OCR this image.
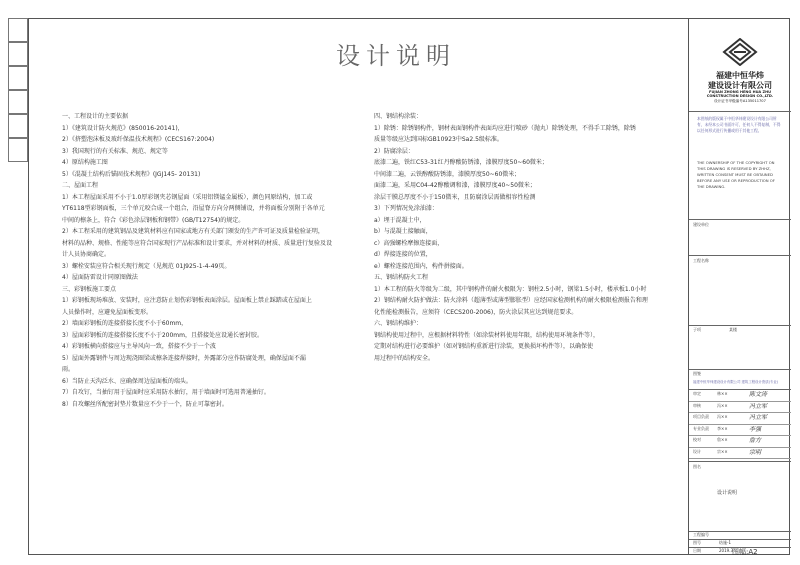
设计说明
一、工程设计的主要依据
1）《建筑设计防火规范》(850016-20141)，
2）《挤塑泡沫板及玻纤保温技术规程》(CECS167:2004)
3）我国现行的有关标准、规范、规定等
4）原结构施工图
5）《混凝土结构后锚固技术规程》(JGJ145- 20131)
二、屋面工程
1）本工程屋面采用不小于1.0厚彩钢夹芯钢屋面（采用铝镁锰金属板），颜色同原结构，加工或
YT6118型彩钢面板，三个单元咬合成一个组合，沿屋脊方向分两侧铺设，并将面板分别附于各单元
中间的檩条上，符合《彩色涂层钢板和钢带》(GB/T12754)的规定。
2）本工程采用的建筑钢品及建筑材料应有国家或地方有关部门颁发的生产许可证及质量检验证明，
材料的品种、规格、性能等应符合国家现行产品标准和设计要求，并对材料的材质、质量进行复验及设
计人员协商确定。
3）螺栓安装应符合相关现行规定（见规范 01J925-1-4-49页。
4）屋面防雷设计同原图做法
三、彩钢板施工要点
1）彩钢板现场堆放、安装时，应注意防止划伤彩钢板表面涂层。屋面板上禁止踩踏或在屋面上
人员操作时，应避免屋面板变形。
2）墙面彩钢板的连接搭接长度不小于60mm，
3）屋面彩钢板的连接搭接长度不小于200mm，且搭接处应设通长密封胶。
4）彩钢板横向搭接应与主导风向一致，搭接不少于一个波
5）屋面外露钢件与周边现浇圈梁或檩条连接焊接时，外露部分应作防腐处理，确保屋面不漏
雨。
6）当防止天沟泛水、应确保周边屋面板的端头。
7）自攻钉，当抽钉用于屋面时应采用防水抽钉，用于墙面时可选用普通抽钉。
8）自攻螺丝所配密封垫片数量应不少于一个，防止可靠密封。
四、钢结构涂装：
1）除锈：除锈钢构件，钢材表面钢构件表面均应进行喷砂（抛丸）除锈处理，不得手工除锈，除锈
质量等级应达到国标GB10923中Sa2.5级标准。
2）防腐涂层：
底漆二遍，铁红C53-31红丹醇酸防锈漆，漆膜厚度50~60微米；
中间漆二遍，云铁醇酸防锈漆，漆膜厚度50~60微米；
面漆二遍，采用C04-42醇酸调和漆，漆膜厚度40~50微米；
涂层干膜总厚度不小于150微米，且防腐涂层需做相容性检测
3）下列情况免涂油漆：
a）埋于混凝土中，
b）与混凝土接触面，
c）高强螺栓摩擦连接面，
d）焊接连接的位置，
e）螺栓连接范围内，构件拼接面。
五、钢结构防火工程
1）本工程的防火等级为二级，其中钢构件的耐火极限为：钢柱2.5小时，钢梁1.5小时，楼承板1.0小时
2）钢结构耐火防护做法：防火涂料（超薄型或薄型膨胀型）应经国家检测机构的耐火极限检测报告和理
化性能检测报告，应须符（CECS200-2006)，防火涂层其应达到规范要求。
六、钢结构维护：
钢结构使用过程中，应根据材料特性（如涂装材料使用年限，结构使用环境条件等），
定期对结构进行必要维护（如对钢结构重新进行涂装，更换损坏构件等），以确保使
用过程中的结构安全。
福建中恒华炜
建设设计有限公司
FUJIAN ZHONG HENG HUA ZHU
CONSTRUCTION DESIGN CO.,LTD.
设计证书甲级编号A135011707
本图纸的版权属于中恒华炜建设设计有限公司所有，未经本公司书面许可，任何人不得复制，不得以任何形式进行传播或用于其他工程。
THE OWNERSHIP OF THE COPYRIGHT ON THIS DRAWING IS RESERVED BY ZHHZ, WRITTEN CONSENT MUST BE OBTAINED BEFORE ANY USE OR REPRODUCTION OF THE DRAWING.
建设单位
工程名称
子项	某楼
图签
福建中恒华炜建设设计有限公司 建筑工程设计资质(专业)
审定	林××	陈文涛
审核	冯××	冯立军
项目负责 冯××	冯立军
专业负责 李××	李强
校对	詹××	詹方
设计	宗××	宗明
图名
设计说明
工程编号
图号	结施-1
日期	2019.3 图幅:A2
